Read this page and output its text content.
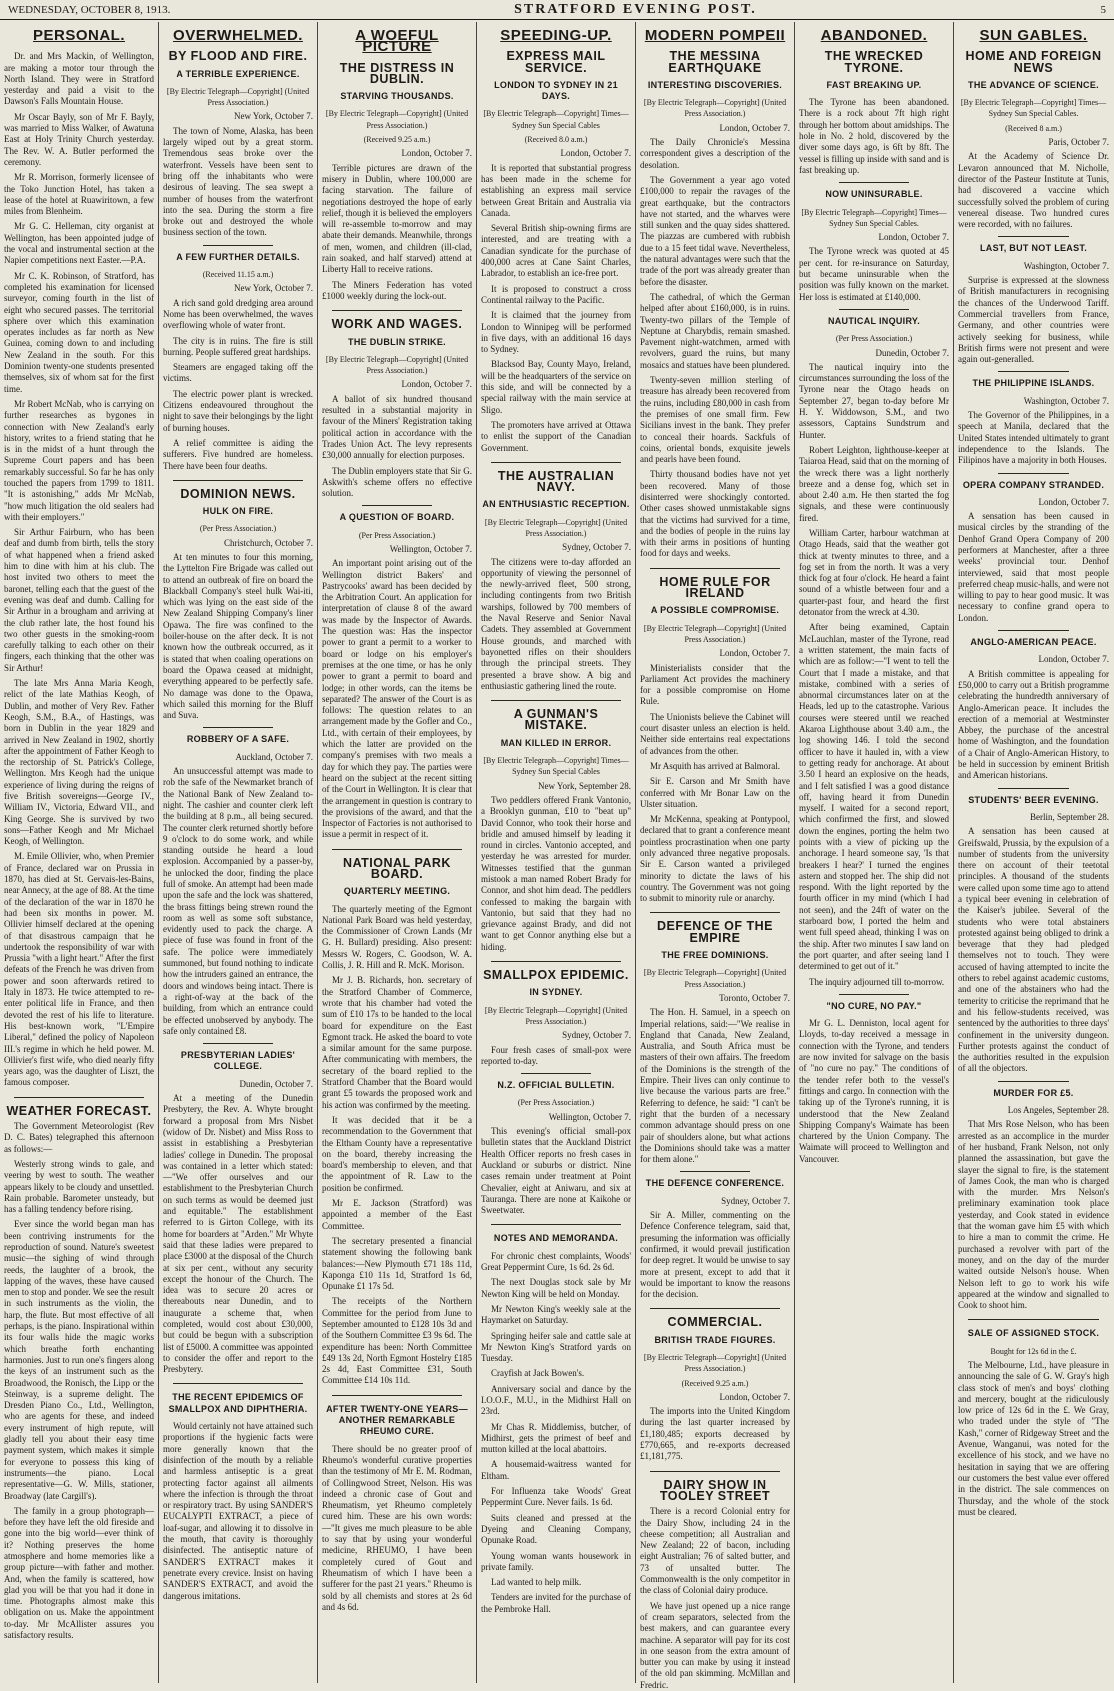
WEDNESDAY, OCTOBER 8, 1913.	STRATFORD EVENING POST.	5
PERSONAL.

Dr. and Mrs Mackin, of Wellington, are making a motor tour through the North Island. They were in Stratford yesterday and paid a visit to the Dawson's Falls Mountain House.

Mr Oscar Bayly, son of Mr F. Bayly, was married to Miss Walker, of Awatuna East at Holy Trinity Church yesterday. The Rev. W. A. Butler performed the ceremony.

Mr R. Morrison, formerly licensee of the Toko Junction Hotel, has taken a lease of the hotel at Ruawiritown, a few miles from Blenheim.

Mr G. C. Helleman, city organist at Wellington, has been appointed judge of the vocal and instrumental section at the Napier competitions next Easter.—P.A.

Mr C. K. Robinson, of Stratford, has completed his examination for licensed surveyor, coming fourth in the list of eight who secured passes. The territorial sphere over which this examination operates includes as far north as New Guinea, coming down to and including New Zealand in the south. For this Dominion twenty-one students presented themselves, six of whom sat for the first time.

Mr Robert McNab, who is carrying on further researches as bygones in connection with New Zealand's early history, writes to a friend stating that he is in the midst of a hunt through the Supreme Court papers and has been remarkably successful. So far he has only touched the papers from 1799 to 1811. "It is astonishing," adds Mr McNab, "how much litigation the old sealers had with their employers."

Sir Arthur Fairburn, who has been deaf and dumb from birth, tells the story of what happened when a friend asked him to dine with him at his club. The host invited two others to meet the baronet, telling each that the guest of the evening was deaf and dumb. Calling for Sir Arthur in a brougham and arriving at the club rather late, the host found his two other guests in the smoking-room carefully talking to each other on their fingers, each thinking that the other was Sir Arthur!

The late Mrs Anna Maria Keogh, relict of the late Mathias Keogh, of Dublin, and mother of Very Rev. Father Keogh, S.M., B.A., of Hastings, was born in Dublin in the year 1829 and arrived in New Zealand in 1902, shortly after the appointment of Father Keogh to the rectorship of St. Patrick's College, Wellington. Mrs Keogh had the unique experience of living during the reigns of five British sovereigns—George IV., William IV., Victoria, Edward VII., and King George. She is survived by two sons—Father Keogh and Mr Michael Keogh, of Wellington.

M. Emile Ollivier, who, when Premier of France, declared war on Prussia in 1870, has died at St. Gervais-les-Bains, near Annecy, at the age of 88. At the time of the declaration of the war in 1870 he had been six months in power. M. Ollivier himself declared at the opening of that disastrous campaign that he undertook the responsibility of war with Prussia "with a light heart." After the first defeats of the French he was driven from power and soon afterwards retired to Italy in 1873. He twice attempted to re-enter political life in France, and then devoted the rest of his life to literature. His best-known work, "L'Empire Liberal," defined the policy of Napoleon III.'s regime in which he held power. M. Ollivier's first wife, who died nearly fifty years ago, was the daughter of Liszt, the famous composer.

WEATHER FORECAST.

The Government Meteorologist (Rev D. C. Bates) telegraphed this afternoon as follows:—

Westerly strong winds to gale, and veering by west to south. The weather appears likely to be cloudy and unsettled. Rain probable. Barometer unsteady, but has a falling tendency before rising.

Ever since the world began man has been contriving instruments for the reproduction of sound. Nature's sweetest music—the sighing of wind through reeds, the laughter of a brook, the lapping of the waves, these have caused men to stop and ponder. We see the result in such instruments as the violin, the harp, the flute. But most effective of all perhaps, is the piano. Inspirational within its four walls hide the magic works which breathe forth enchanting harmonies. Just to run one's fingers along the keys of an instrument such as the Broadwood, the Ronisch, the Lipp or the Steinway, is a supreme delight. The Dresden Piano Co., Ltd., Wellington, who are agents for these, and indeed every instrument of high repute, will gladly tell you about their easy time payment system, which makes it simple for everyone to possess this king of instruments—the piano. Local representative—G. W. Mills, stationer, Broadway (late Cargill's).

The family in a group photograph—before they have left the old fireside and gone into the big world—ever think of it? Nothing preserves the home atmosphere and home memories like a group picture—with father and mother. And, when the family is scattered, how glad you will be that you had it done in time. Photographs almost make this obligation on us. Make the appointment to-day. Mr McAllister assures you satisfactory results.

OVERWHELMED.
BY FLOOD AND FIRE.
A TERRIBLE EXPERIENCE.
[By Electric Telegraph—Copyright] (United Press Association.)
New York, October 7.

The town of Nome, Alaska, has been largely wiped out by a great storm. Tremendous seas broke over the waterfront. Vessels have been sent to bring off the inhabitants who were desirous of leaving. The sea swept a number of houses from the waterfront into the sea. During the storm a fire broke out and destroyed the whole business section of the town.

A FEW FURTHER DETAILS.
(Received 11.15 a.m.)
New York, October 7.

A rich sand gold dredging area around Nome has been overwhelmed, the waves overflowing whole of water front.

The city is in ruins. The fire is still burning. People suffered great hardships.

Steamers are engaged taking off the victims.

The electric power plant is wrecked. Citizens endeavoured throughout the night to save their belongings by the light of burning houses.

A relief committee is aiding the sufferers. Five hundred are homeless. There have been four deaths.

DOMINION NEWS.
HULK ON FIRE.
(Per Press Association.)
Christchurch, October 7.

At ten minutes to four this morning, the Lyttelton Fire Brigade was called out to attend an outbreak of fire on board the Blackball Company's steel hulk Wai-iti, which was lying on the east side of the New Zealand Shipping Company's liner Opawa. The fire was confined to the boiler-house on the after deck. It is not known how the outbreak occurred, as it is stated that when coaling operations on board the Opawa ceased at midnight, everything appeared to be perfectly safe. No damage was done to the Opawa, which sailed this morning for the Bluff and Suva.

ROBBERY OF A SAFE.
Auckland, October 7.

An unsuccessful attempt was made to rob the safe of the Newmarket branch of the National Bank of New Zealand to-night. The cashier and counter clerk left the building at 8 p.m., all being secured. The counter clerk returned shortly before 9 o'clock to do some work, and while standing outside he heard a loud explosion. Accompanied by a passer-by, he unlocked the door, finding the place full of smoke. An attempt had been made upon the safe and the lock was shattered, the brass fittings being strewn round the room as well as some soft substance, evidently used to pack the charge. A piece of fuse was found in front of the safe. The police were immediately summoned, but found nothing to indicate how the intruders gained an entrance, the doors and windows being intact. There is a right-of-way at the back of the building, from which an entrance could be effected unobserved by anybody. The safe only contained £8.

PRESBYTERIAN LADIES' COLLEGE.
Dunedin, October 7.

At a meeting of the Dunedin Presbytery, the Rev. A. Whyte brought forward a proposal from Mrs Nisbet (widow of Dr. Nisbet) and Miss Ross to assist in establishing a Presbyterian ladies' college in Dunedin. The proposal was contained in a letter which stated:—"We offer ourselves and our establishment to the Presbyterian Church on such terms as would be deemed just and equitable." The establishment referred to is Girton College, with its home for boarders at "Arden." Mr Whyte said that these ladies were prepared to place £3000 at the disposal of the Church at six per cent., without any security except the honour of the Church. The idea was to secure 20 acres or thereabouts near Dunedin, and to inaugurate a scheme that, when completed, would cost about £30,000, but could be begun with a subscription list of £5000. A committee was appointed to consider the offer and report to the Presbytery.

THE RECENT EPIDEMICS OF SMALLPOX AND DIPHTHERIA.

Would certainly not have attained such proportions if the hygienic facts were more generally known that the disinfection of the mouth by a reliable and harmless antiseptic is a great protecting factor against all ailments where the infection is through the throat or respiratory tract. By using SANDER'S EUCALYPTI EXTRACT, a piece of loaf-sugar, and allowing it to dissolve in the mouth, that cavity is thoroughly disinfected. The antiseptic nature of SANDER'S EXTRACT makes it penetrate every crevice. Insist on having SANDER'S EXTRACT, and avoid the dangerous imitations.

A WOEFUL PICTURE
THE DISTRESS IN DUBLIN.
STARVING THOUSANDS.
[By Electric Telegraph—Copyright] (United Press Association.)
(Received 9.25 a.m.)
London, October 7.

Terrible pictures are drawn of the misery in Dublin, where 100,000 are facing starvation. The failure of negotiations destroyed the hope of early relief, though it is believed the employers will re-assemble to-morrow and may abate their demands. Meanwhile, throngs of men, women, and children (ill-clad, rain soaked, and half starved) attend at Liberty Hall to receive rations.

The Miners Federation has voted £1000 weekly during the lock-out.

WORK AND WAGES.
THE DUBLIN STRIKE.
[By Electric Telegraph—Copyright] (United Press Association.)
London, October 7.

A ballot of six hundred thousand resulted in a substantial majority in favour of the Miners' Registration taking political action in accordance with the Trades Union Act. The levy represents £30,000 annually for election purposes.

The Dublin employers state that Sir G. Askwith's scheme offers no effective solution.

A QUESTION OF BOARD.
(Per Press Association.)
Wellington, October 7.

An important point arising out of the Wellington district Bakers' and Pastrycooks' award has been decided by the Arbitration Court. An application for interpretation of clause 8 of the award was made by the Inspector of Awards. The question was: Has the inspector power to grant a permit to a worker to board or lodge on his employer's premises at the one time, or has he only power to grant a permit to board and lodge; in other words, can the items be separated? The answer of the Court is as follows: The question relates to an arrangement made by the Gofler and Co., Ltd., with certain of their employees, by which the latter are provided on the company's premises with two meals a day for which they pay. The parties were heard on the subject at the recent sitting of the Court in Wellington. It is clear that the arrangement in question is contrary to the provisions of the award, and that the Inspector of Factories is not authorised to issue a permit in respect of it.

NATIONAL PARK BOARD.
QUARTERLY MEETING.

The quarterly meeting of the Egmont National Park Board was held yesterday, the Commissioner of Crown Lands (Mr G. H. Bullard) presiding. Also present: Messrs W. Rogers, C. Goodson, W. A. Collis, J. R. Hill and R. McK. Morison.

Mr J. B. Richards, hon. secretary of the Stratford Chamber of Commerce, wrote that his chamber had voted the sum of £10 17s to be handed to the local board for expenditure on the East Egmont track. He asked the board to vote a similar amount for the same purpose. After communicating with members, the secretary of the board replied to the Stratford Chamber that the Board would grant £5 towards the proposed work and his action was confirmed by the meeting.

It was decided that it be a recommendation to the Government that the Eltham County have a representative on the board, thereby increasing the board's membership to eleven, and that the appointment of R. Law to the position be confirmed.

Mr E. Jackson (Stratford) was appointed a member of the East Committee.

The secretary presented a financial statement showing the following bank balances:—New Plymouth £71 18s 11d, Kaponga £10 11s 1d, Stratford 1s 6d, Opunake £1 17s 5d.

The receipts of the Northern Committee for the period from June to September amounted to £128 10s 3d and of the Southern Committee £3 9s 6d. The expenditure has been: North Committee £49 13s 2d, North Egmont Hostelry £185 2s 4d, East Committee £31, South Committee £14 10s 11d.

AFTER TWENTY-ONE YEARS—ANOTHER REMARKABLE RHEUMO CURE.

There should be no greater proof of Rheumo's wonderful curative properties than the testimony of Mr E. M. Rodman, of Collingwood Street, Nelson. His was indeed a chronic case of Gout and Rheumatism, yet Rheumo completely cured him. These are his own words:—"It gives me much pleasure to be able to say that by using your wonderful medicine, RHEUMO, I have been completely cured of Gout and Rheumatism of which I have been a sufferer for the past 21 years." Rheumo is sold by all chemists and stores at 2s 6d and 4s 6d.

SPEEDING-UP.
EXPRESS MAIL SERVICE.
LONDON TO SYDNEY IN 21 DAYS.
[By Electric Telegraph—Copyright] Times—Sydney Sun Special Cables
(Received 8.0 a.m.)
London, October 7.

It is reported that substantial progress has been made in the scheme for establishing an express mail service between Great Britain and Australia via Canada.

Several British ship-owning firms are interested, and are treating with a Canadian syndicate for the purchase of 400,000 acres at Cane Saint Charles, Labrador, to establish an ice-free port.

It is proposed to construct a cross Continental railway to the Pacific.

It is claimed that the journey from London to Winnipeg will be performed in five days, with an additional 16 days to Sydney.

Blacksod Bay, County Mayo, Ireland, will be the headquarters of the service on this side, and will be connected by a special railway with the main service at Sligo.

The promoters have arrived at Ottawa to enlist the support of the Canadian Government.

THE AUSTRALIAN NAVY.
AN ENTHUSIASTIC RECEPTION.
[By Electric Telegraph—Copyright] (United Press Association.)
Sydney, October 7.

The citizens were to-day afforded an opportunity of viewing the personnel of the newly-arrived fleet, 500 strong, including contingents from two British warships, followed by 700 members of the Naval Reserve and Senior Naval Cadets. They assembled at Government House grounds, and marched with bayonetted rifles on their shoulders through the principal streets. They presented a brave show. A big and enthusiastic gathering lined the route.

A GUNMAN'S MISTAKE.
MAN KILLED IN ERROR.
[By Electric Telegraph—Copyright] Times—Sydney Sun Special Cables
New York, September 28.

Two peddlers offered Frank Vantonio, a Brooklyn gunman, £10 to "beat up" David Connor, who took their horse and bridle and amused himself by leading it round in circles. Vantonio accepted, and yesterday he was arrested for murder. Witnesses testified that the gunman mistook a man named Robert Brady for Connor, and shot him dead. The peddlers confessed to making the bargain with Vantonio, but said that they had no grievance against Brady, and did not want to get Connor anything else but a hiding.

SMALLPOX EPIDEMIC.
IN SYDNEY.
[By Electric Telegraph—Copyright] (United Press Association.)
Sydney, October 7.

Four fresh cases of small-pox were reported to-day.

N.Z. OFFICIAL BULLETIN.
(Per Press Association.)
Wellington, October 7.

This evening's official small-pox bulletin states that the Auckland District Health Officer reports no fresh cases in Auckland or suburbs or district. Nine cases remain under treatment at Point Chevalier, eight at Aniwaru, and six at Tauranga. There are none at Kaikohe or Sweetwater.

NOTES AND MEMORANDA.

For chronic chest complaints, Woods' Great Peppermint Cure, 1s 6d. 2s 6d.

The next Douglas stock sale by Mr Newton King will be held on Monday.

Mr Newton King's weekly sale at the Haymarket on Saturday.

Springing heifer sale and cattle sale at Mr Newton King's Stratford yards on Tuesday.

Crayfish at Jack Bowen's.

Anniversary social and dance by the I.O.O.F., M.U., in the Midhirst Hall on 23rd.

Mr Chas R. Middlemiss, butcher, of Midhirst, gets the primest of beef and mutton killed at the local abattoirs.

A housemaid-waitress wanted for Eltham.

For Influenza take Woods' Great Peppermint Cure. Never fails. 1s 6d.

Suits cleaned and pressed at the Dyeing and Cleaning Company, Opunake Road.

Young woman wants housework in private family.

Lad wanted to help milk.

Tenders are invited for the purchase of the Pembroke Hall.

MODERN POMPEII
THE MESSINA EARTHQUAKE
INTERESTING DISCOVERIES.
[By Electric Telegraph—Copyright] (United Press Association.)
London, October 7.

The Daily Chronicle's Messina correspondent gives a description of the desolation.

The Government a year ago voted £100,000 to repair the ravages of the great earthquake, but the contractors have not started, and the wharves were still sunken and the quay sides shattered. The piazzas are cumbered with rubbish due to a 15 feet tidal wave. Nevertheless, the natural advantages were such that the trade of the port was already greater than before the disaster.

The cathedral, of which the German helped after about £160,000, is in ruins. Twenty-two pillars of the Temple of Neptune at Charybdis, remain smashed. Pavement night-watchmen, armed with revolvers, guard the ruins, but many mosaics and statues have been plundered.

Twenty-seven million sterling of treasure has already been recovered from the ruins, including £80,000 in cash from the premises of one small firm. Few Sicilians invest in the bank. They prefer to conceal their hoards. Sackfuls of coins, oriental bonds, exquisite jewels and pearls have been found.

Thirty thousand bodies have not yet been recovered. Many of those disinterred were shockingly contorted. Other cases showed unmistakable signs that the victims had survived for a time, and the bodies of people in the ruins lay with their arms in positions of hunting food for days and weeks.

HOME RULE FOR IRELAND
A POSSIBLE COMPROMISE.
[By Electric Telegraph—Copyright] (United Press Association.)
London, October 7.

Ministerialists consider that the Parliament Act provides the machinery for a possible compromise on Home Rule.

The Unionists believe the Cabinet will court disaster unless an election is held. Neither side entertains real expectations of advances from the other.

Mr Asquith has arrived at Balmoral.

Sir E. Carson and Mr Smith have conferred with Mr Bonar Law on the Ulster situation.

Mr McKenna, speaking at Pontypool, declared that to grant a conference meant pointless procrastination when one party only advanced three negative proposals. Sir E. Carson wanted a privileged minority to dictate the laws of his country. The Government was not going to submit to minority rule or anarchy.

DEFENCE OF THE EMPIRE
THE FREE DOMINIONS.
[By Electric Telegraph—Copyright] (United Press Association.)
Toronto, October 7.

The Hon. H. Samuel, in a speech on Imperial relations, said:—"We realise in England that Canada, New Zealand, Australia, and South Africa must be masters of their own affairs. The freedom of the Dominions is the strength of the Empire. Their lives can only continue to live because the various parts are free." Referring to defence, he said: "I can't be right that the burden of a necessary common advantage should press on one pair of shoulders alone, but what actions the Dominions should take was a matter for them alone."

THE DEFENCE CONFERENCE.
Sydney, October 7.

Sir A. Miller, commenting on the Defence Conference telegram, said that, presuming the information was officially confirmed, it would prevail justification for deep regret. It would be unwise to say more at present, except to add that it would be important to know the reasons for the decision.

COMMERCIAL.
BRITISH TRADE FIGURES.
[By Electric Telegraph—Copyright] (United Press Association.)
(Received 9.25 a.m.)
London, October 7.

The imports into the United Kingdom during the last quarter increased by £1,180,485; exports decreased by £770,665, and re-exports decreased £1,181,775.

DAIRY SHOW IN TOOLEY STREET

There is a record Colonial entry for the Dairy Show, including 24 in the cheese competition; all Australian and New Zealand; 22 of bacon, including eight Australian; 76 of salted butter, and 73 of unsalted butter. The Commonwealth is the only competitor in the class of Colonial dairy produce.

We have just opened up a nice range of cream separators, selected from the best makers, and can guarantee every machine. A separator will pay for its cost in one season from the extra amount of butter you can make by using it instead of the old pan skimming. McMillan and Fredric.

ABANDONED.
THE WRECKED TYRONE.
FAST BREAKING UP.

The Tyrone has been abandoned. There is a rock about 7ft high right through her bottom about amidships. The hole in No. 2 hold, discovered by the diver some days ago, is 6ft by 8ft. The vessel is filling up inside with sand and is fast breaking up.

NOW UNINSURABLE.
[By Electric Telegraph—Copyright] Times—Sydney Sun Special Cables.
London, October 7.

The Tyrone wreck was quoted at 45 per cent. for re-insurance on Saturday, but became uninsurable when the position was fully known on the market. Her loss is estimated at £140,000.

NAUTICAL INQUIRY.
(Per Press Association.)
Dunedin, October 7.

The nautical inquiry into the circumstances surrounding the loss of the Tyrone near the Otago heads on September 27, began to-day before Mr H. Y. Widdowson, S.M., and two assessors, Captains Sundstrum and Hunter.

Robert Leighton, lighthouse-keeper at Taiaroa Head, said that on the morning of the wreck there was a light northerly breeze and a dense fog, which set in about 2.40 a.m. He then started the fog signals, and these were continuously fired.

William Carter, harbour watchman at Otago Heads, said that the weather got thick at twenty minutes to three, and a fog set in from the north. It was a very thick fog at four o'clock. He heard a faint sound of a whistle between four and a quarter-past four, and heard the first detonator from the wreck at 4.30.

After being examined, Captain McLauchlan, master of the Tyrone, read a written statement, the main facts of which are as follow:—"I went to tell the Court that I made a mistake, and that mistake, combined with a series of abnormal circumstances later on at the Heads, led up to the catastrophe. Various courses were steered until we reached Akaroa Lighthouse about 3.40 a.m., the log showing 146. I told the second officer to have it hauled in, with a view to getting ready for anchorage. At about 3.50 I heard an explosive on the heads, and I felt satisfied I was a good distance off, having heard it from Dunedin myself. I waited for a second report, which confirmed the first, and slowed down the engines, porting the helm two points with a view of picking up the anchorage. I heard someone say, 'Is that breakers I hear?' I turned the engines astern and stopped her. The ship did not respond. With the light reported by the fourth officer in my mind (which I had not seen), and the 24ft of water on the starboard bow, I ported the helm and went full speed ahead, thinking I was on the ship. After two minutes I saw land on the port quarter, and after seeing land I determined to get out of it."

The inquiry adjourned till to-morrow.

"NO CURE, NO PAY."

Mr G. L. Denniston, local agent for Lloyds, to-day received a message in connection with the Tyrone, and tenders are now invited for salvage on the basis of "no cure no pay." The conditions of the tender refer both to the vessel's fittings and cargo. In connection with the taking up of the Tyrone's running, it is understood that the New Zealand Shipping Company's Waimate has been chartered by the Union Company. The Waimate will proceed to Wellington and Vancouver.

SUN GABLES.
HOME AND FOREIGN NEWS
THE ADVANCE OF SCIENCE.
[By Electric Telegraph—Copyright] Times—Sydney Sun Special Cables.
(Received 8 a.m.)
Paris, October 7.

At the Academy of Science Dr. Levaron announced that M. Nicholle, director of the Pasteur Institute at Tunis, had discovered a vaccine which successfully solved the problem of curing venereal disease. Two hundred cures were recorded, with no failures.

LAST, BUT NOT LEAST.
Washington, October 7.

Surprise is expressed at the slowness of British manufacturers in recognising the chances of the Underwood Tariff. Commercial travellers from France, Germany, and other countries were actively seeking for business, while British firms were not present and were again out-generalled.

THE PHILIPPINE ISLANDS.
Washington, October 7.

The Governor of the Philippines, in a speech at Manila, declared that the United States intended ultimately to grant independence to the Islands. The Filipinos have a majority in both Houses.

OPERA COMPANY STRANDED.
London, October 7.

A sensation has been caused in musical circles by the stranding of the Denhof Grand Opera Company of 200 performers at Manchester, after a three weeks' provincial tour. Denhof interviewed, said that most people preferred cheap music-halls, and were not willing to pay to hear good music. It was necessary to confine grand opera to London.

ANGLO-AMERICAN PEACE.
London, October 7.

A British committee is appealing for £50,000 to carry out a British programme celebrating the hundredth anniversary of Anglo-American peace. It includes the erection of a memorial at Westminster Abbey, the purchase of the ancestral home of Washington, and the foundation of a Chair of Anglo-American History, to be held in succession by eminent British and American historians.

STUDENTS' BEER EVENING.
Berlin, September 28.

A sensation has been caused at Greifswald, Prussia, by the expulsion of a number of students from the university there on account of their teetotal principles. A thousand of the students were called upon some time ago to attend a typical beer evening in celebration of the Kaiser's jubilee. Several of the students who were total abstainers protested against being obliged to drink a beverage that they had pledged themselves not to touch. They were accused of having attempted to incite the others to rebel against academic customs, and one of the abstainers who had the temerity to criticise the reprimand that he and his fellow-students received, was sentenced by the authorities to three days' confinement in the university dungeon. Further protests against the conduct of the authorities resulted in the expulsion of all the objectors.

MURDER FOR £5.
Los Angeles, September 28.

That Mrs Rose Nelson, who has been arrested as an accomplice in the murder of her husband, Frank Nelson, not only planned the assassination, but gave the slayer the signal to fire, is the statement of James Cook, the man who is charged with the murder. Mrs Nelson's preliminary examination took place yesterday, and Cook stated in evidence that the woman gave him £5 with which to hire a man to commit the crime. He purchased a revolver with part of the money, and on the day of the murder waited outside Nelson's house. When Nelson left to go to work his wife appeared at the window and signalled to Cook to shoot him.

SALE OF ASSIGNED STOCK.
Bought for 12s 6d in the £.

The Melbourne, Ltd., have pleasure in announcing the sale of G. W. Gray's high class stock of men's and boys' clothing and mercery, bought at the ridiculously low price of 12s 6d in the £. We Gray, who traded under the style of "The Kash," corner of Ridgeway Street and the Avenue, Wanganui, was noted for the excellence of his stock, and we have no hesitation in saying that we are offering our customers the best value ever offered in the district. The sale commences on Thursday, and the whole of the stock must be cleared.
